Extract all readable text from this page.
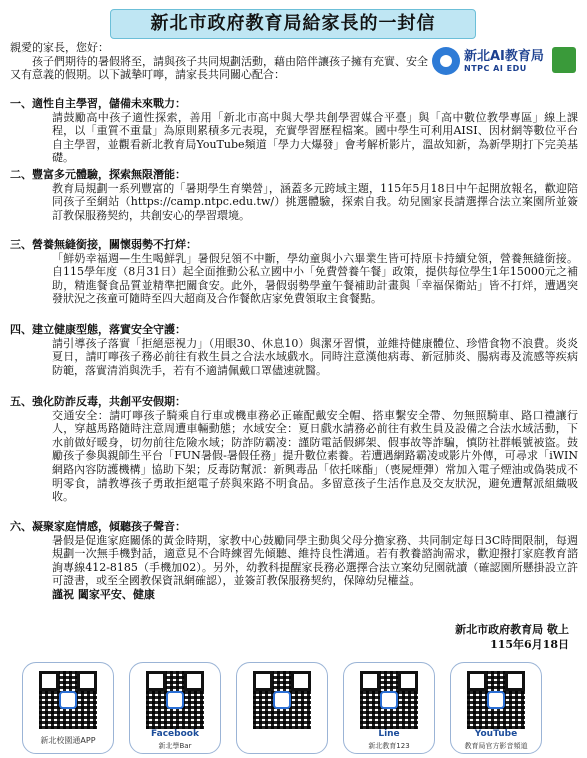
新北市政府教育局給家長的一封信
新北AI教育局
NTPC AI EDU

親愛的家長，您好：

孩子們期待的暑假將至，請與孩子共同規劃活動，藉由陪伴讓孩子擁有充實、安全又有意義的假期。以下誠摯叮嚀，請家長共同關心配合：

一、適性自主學習，儲備未來戰力：
請鼓勵高中孩子適性探索，善用「新北市高中與大學共創學習媒合平臺」與「高中數位教學專區」線上課程，以「重質不重量」為原則累積多元表現，充實學習歷程檔案。國中學生可利用AISI、因材網等數位平台自主學習，並觀看新北教育局YouTube頻道「學力大爆發」會考解析影片，溫故知新，為新學期打下完美基礎。
二、豐富多元體驗，探索無限潛能：
教育局規劃一系列豐富的「暑期學生育樂營」，涵蓋多元跨域主題，115年5月18日中午起開放報名，歡迎陪同孩子至網站（https://camp.ntpc.edu.tw/）挑選體驗，探索自我。幼兒園家長請選擇合法立案園所並簽訂教保服務契約，共創安心的學習環境。
三、營養無縫銜接，關懷弱勢不打烊：
「鮮奶幸福週—生生喝鮮乳」暑假兒領不中斷，學幼童與小六畢業生皆可持原卡持續兌領，營養無縫銜接。自115學年度（8月31日）起全面推動公私立國中小「免費營養午餐」政策，提供每位學生1年15000元之補助，精進餐食品質並精準把關食安。此外，暑假弱勢學童午餐補助計畫與「幸福保衛站」皆不打烊，遭遇突發狀況之孩童可隨時至四大超商及合作餐飲店家免費領取主食餐點。
四、建立健康型態，落實安全守護：
請引導孩子落實「拒絕惡視力」（用眼30、休息10）與潔牙習慣，並維持健康體位、珍惜食物不浪費。炎炎夏日，請叮嚀孩子務必前往有救生員之合法水域戲水。同時注意漢他病毒、新冠肺炎、腸病毒及流感等疾病防範，落實清消與洗手，若有不適請佩戴口罩儘速就醫。
五、強化防詐反毒，共創平安假期：
交通安全：請叮嚀孩子騎乘自行車或機車務必正確配戴安全帽、搭車繫安全帶、勿無照騎車、路口禮讓行人，穿越馬路隨時注意周遭車輛動態；水域安全：夏日戲水請務必前往有救生員及設備之合法水域活動，下水前做好暖身，切勿前往危險水域；防詐防霸凌：謹防電話假綁架、假事故等詐騙，慎防社群帳號被盜。鼓勵孩子參與親師生平台「FUN暑假-暑假任務」提升數位素養。若遭遇網路霸凌或影片外傳，可尋求「iWIN網路內容防護機構」協助下架；反毒防幫派：新興毒品「依托咪酯」（喪屍煙彈）常加入電子煙油或偽裝成不明零食，請教導孩子勇敢拒絕電子菸與來路不明食品。多留意孩子生活作息及交友狀況，避免遭幫派組織吸收。
六、凝聚家庭情感，傾聽孩子聲音：
暑假是促進家庭關係的黃金時期，家教中心鼓勵同學主動與父母分擔家務、共同制定每日3C時間限制，每週規劃一次無手機對話，適意見不合時練習先傾聽、維持良性溝通。若有教養諮詢需求，歡迎撥打家庭教育諮詢專線412-8185（手機加02）。另外，幼教科提醒家長務必選擇合法立案幼兒園就讀（確認園所懸掛設立許可證書，或至全國教保資訊網確認），並簽訂教保服務契約，保障幼兒權益。
謹祝 闔家平安、健康
新北市政府教育局 敬上
115年6月18日
新北校園通APP
Facebook
新北學Bar
Line
新北教育123
YouTube
教育局官方影音頻道
